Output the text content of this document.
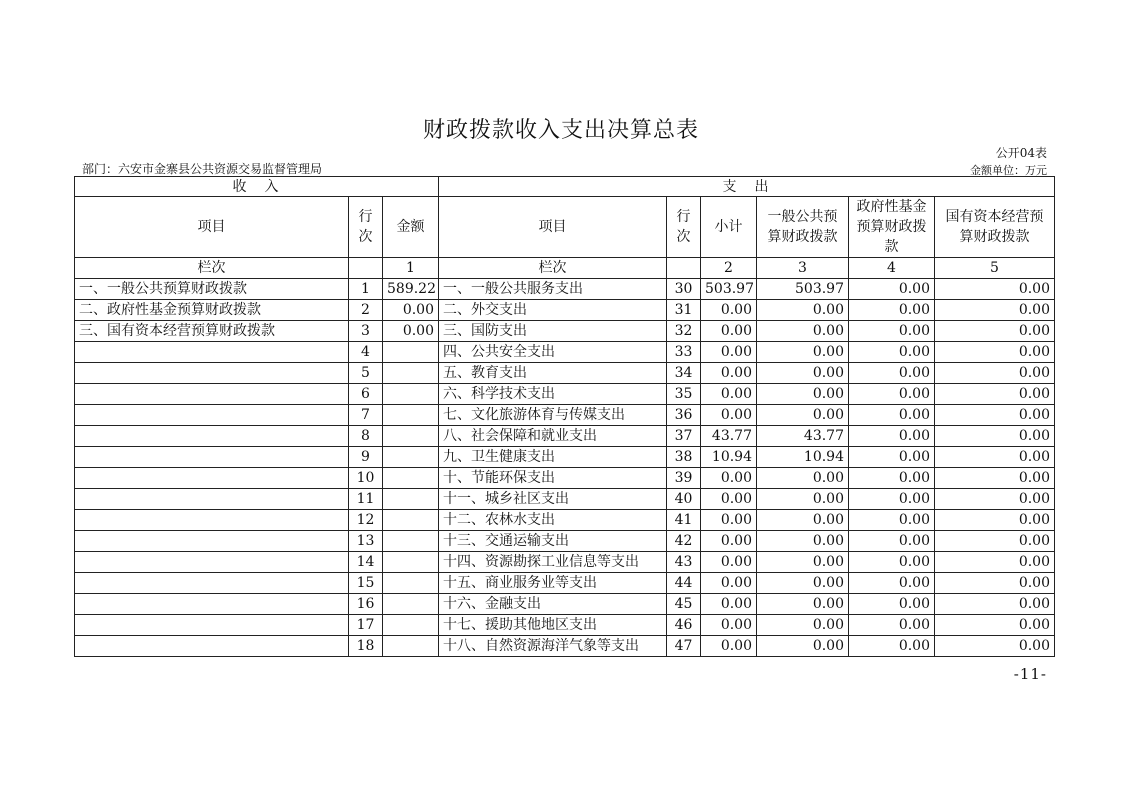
财政拨款收入支出决算总表
公开04表
部门：六安市金寨县公共资源交易监督管理局	金额单位：万元
收　入			支　出					
项目	行次	金额	项目	行次	小计	一般公共预算财政拨款	政府性基金预算财政拨款	国有资本经营预算财政拨款
栏次		1	栏次		2	3	4	5
一、一般公共预算财政拨款	1	589.22	一、一般公共服务支出	30	503.97	503.97	0.00	0.00
二、政府性基金预算财政拨款	2	0.00	二、外交支出	31	0.00	0.00	0.00	0.00
三、国有资本经营预算财政拨款	3	0.00	三、国防支出	32	0.00	0.00	0.00	0.00
	4		四、公共安全支出	33	0.00	0.00	0.00	0.00
	5		五、教育支出	34	0.00	0.00	0.00	0.00
	6		六、科学技术支出	35	0.00	0.00	0.00	0.00
	7		七、文化旅游体育与传媒支出	36	0.00	0.00	0.00	0.00
	8		八、社会保障和就业支出	37	43.77	43.77	0.00	0.00
	9		九、卫生健康支出	38	10.94	10.94	0.00	0.00
	10		十、节能环保支出	39	0.00	0.00	0.00	0.00
	11		十一、城乡社区支出	40	0.00	0.00	0.00	0.00
	12		十二、农林水支出	41	0.00	0.00	0.00	0.00
	13		十三、交通运输支出	42	0.00	0.00	0.00	0.00
	14		十四、资源勘探工业信息等支出	43	0.00	0.00	0.00	0.00
	15		十五、商业服务业等支出	44	0.00	0.00	0.00	0.00
	16		十六、金融支出	45	0.00	0.00	0.00	0.00
	17		十七、援助其他地区支出	46	0.00	0.00	0.00	0.00
	18		十八、自然资源海洋气象等支出	47	0.00	0.00	0.00	0.00
-11-
